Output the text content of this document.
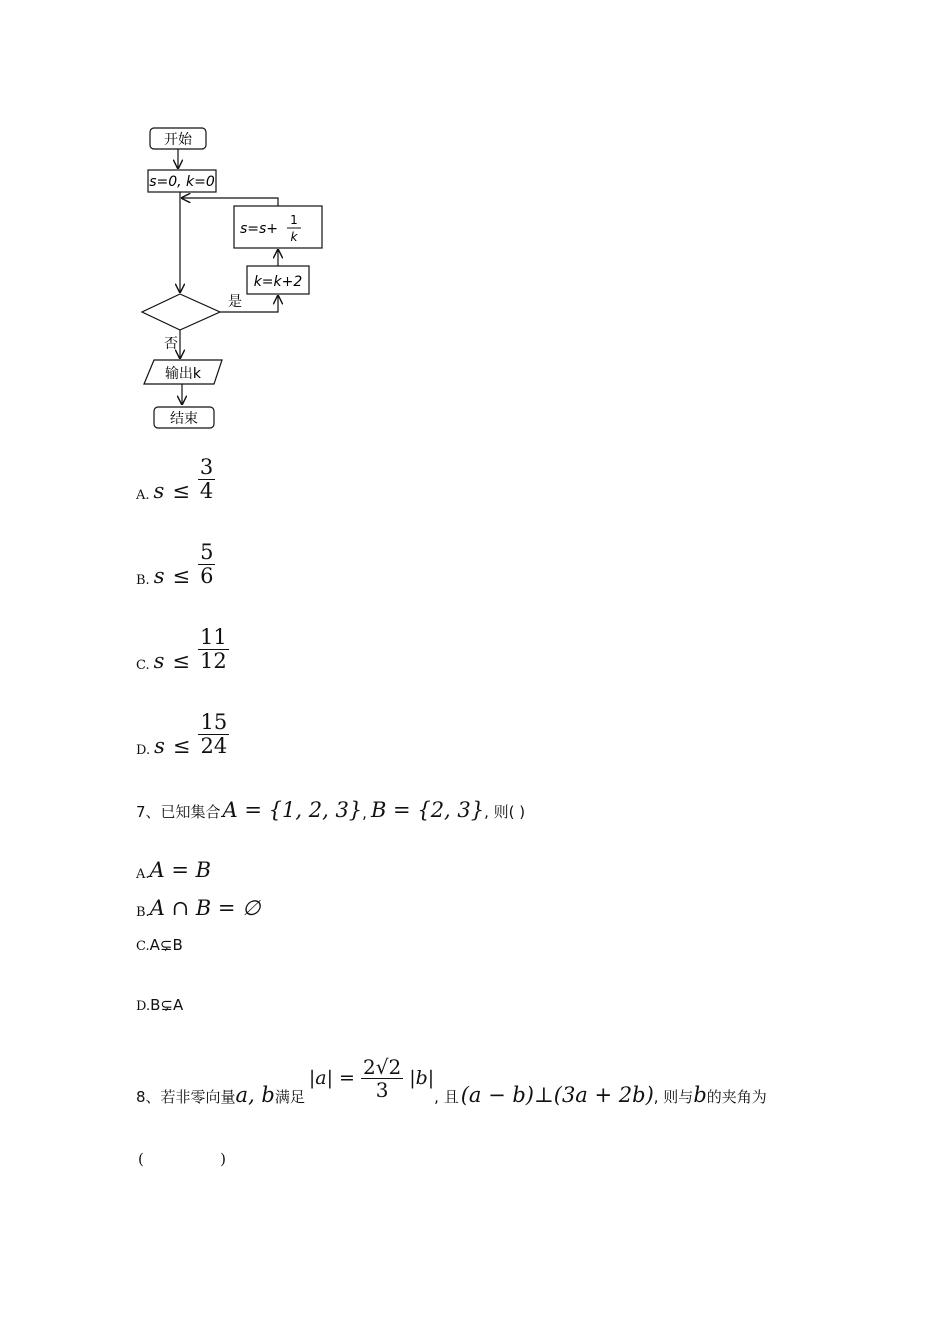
开始
s=0, k=0
s=s+
1
k
k=k+2
是
否
输出k
结束
A. $s \le \frac{3}{4}$
B. $s \le \frac{5}{6}$
C. $s \le \frac{11}{12}$
D. $s \le \frac{15}{24}$
7、已知集合 A = {1, 2, 3} , B = {2, 3} , 则( )
A. A = B
B. A ∩ B = ∅
C. A⊊B
D. B⊊A
8、若非零向量 a, b 满足
$|a| = \frac{2√2}{3} |b|$
, 且 (a − b)⊥(3a + 2b) , 则与 b 的夹角为
(                )
